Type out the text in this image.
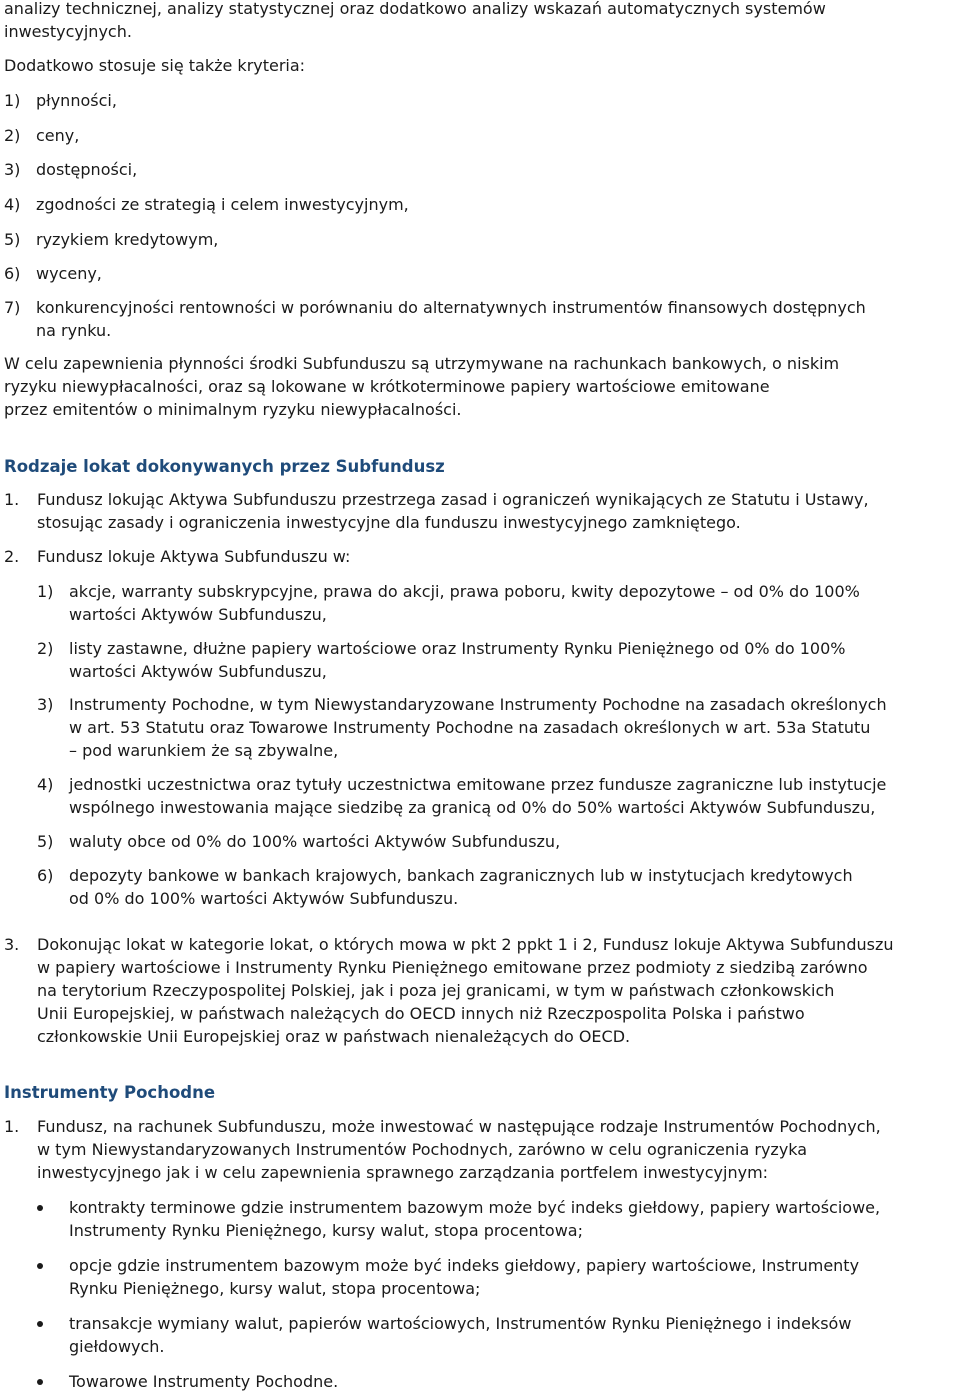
analizy technicznej, analizy statystycznej oraz dodatkowo analizy wskazań automatycznych systemów

inwestycyjnych.

Dodatkowo stosuje się także kryteria:

1) płynności,

2) ceny,

3) dostępności,

4) zgodności ze strategią i celem inwestycyjnym,

5) ryzykiem kredytowym,

6) wyceny,

7) konkurencyjności rentowności w porównaniu do alternatywnych instrumentów finansowych dostępnych

na rynku.

W celu zapewnienia płynności środki Subfunduszu są utrzymywane na rachunkach bankowych, o niskim

ryzyku niewypłacalności, oraz są lokowane w krótkoterminowe papiery wartościowe emitowane

przez emitentów o minimalnym ryzyku niewypłacalności.

Rodzaje lokat dokonywanych przez Subfundusz

1. Fundusz lokując Aktywa Subfunduszu przestrzega zasad i ograniczeń wynikających ze Statutu i Ustawy,

stosując zasady i ograniczenia inwestycyjne dla funduszu inwestycyjnego zamkniętego.

2. Fundusz lokuje Aktywa Subfunduszu w:

1) akcje, warranty subskrypcyjne, prawa do akcji, prawa poboru, kwity depozytowe – od 0% do 100%

wartości Aktywów Subfunduszu,

2) listy zastawne, dłużne papiery wartościowe oraz Instrumenty Rynku Pieniężnego od 0% do 100%

wartości Aktywów Subfunduszu,

3) Instrumenty Pochodne, w tym Niewystandaryzowane Instrumenty Pochodne na zasadach określonych

w art. 53 Statutu oraz Towarowe Instrumenty Pochodne na zasadach określonych w art. 53a Statutu

– pod warunkiem że są zbywalne,

4) jednostki uczestnictwa oraz tytuły uczestnictwa emitowane przez fundusze zagraniczne lub instytucje

wspólnego inwestowania mające siedzibę za granicą od 0% do 50% wartości Aktywów Subfunduszu,

5) waluty obce od 0% do 100% wartości Aktywów Subfunduszu,

6) depozyty bankowe w bankach krajowych, bankach zagranicznych lub w instytucjach kredytowych

od 0% do 100% wartości Aktywów Subfunduszu.

3. Dokonując lokat w kategorie lokat, o których mowa w pkt 2 ppkt 1 i 2, Fundusz lokuje Aktywa Subfunduszu

w papiery wartościowe i Instrumenty Rynku Pieniężnego emitowane przez podmioty z siedzibą zarówno

na terytorium Rzeczypospolitej Polskiej, jak i poza jej granicami, w tym w państwach członkowskich

Unii Europejskiej, w państwach należących do OECD innych niż Rzeczpospolita Polska i państwo

członkowskie Unii Europejskiej oraz w państwach nienależących do OECD.

Instrumenty Pochodne

1. Fundusz, na rachunek Subfunduszu, może inwestować w następujące rodzaje Instrumentów Pochodnych,

w tym Niewystandaryzowanych Instrumentów Pochodnych, zarówno w celu ograniczenia ryzyka

inwestycyjnego jak i w celu zapewnienia sprawnego zarządzania portfelem inwestycyjnym:

kontrakty terminowe gdzie instrumentem bazowym może być indeks giełdowy, papiery wartościowe,

Instrumenty Rynku Pieniężnego, kursy walut, stopa procentowa;

opcje gdzie instrumentem bazowym może być indeks giełdowy, papiery wartościowe, Instrumenty

Rynku Pieniężnego, kursy walut, stopa procentowa;

transakcje wymiany walut, papierów wartościowych, Instrumentów Rynku Pieniężnego i indeksów

giełdowych.

Towarowe Instrumenty Pochodne.
